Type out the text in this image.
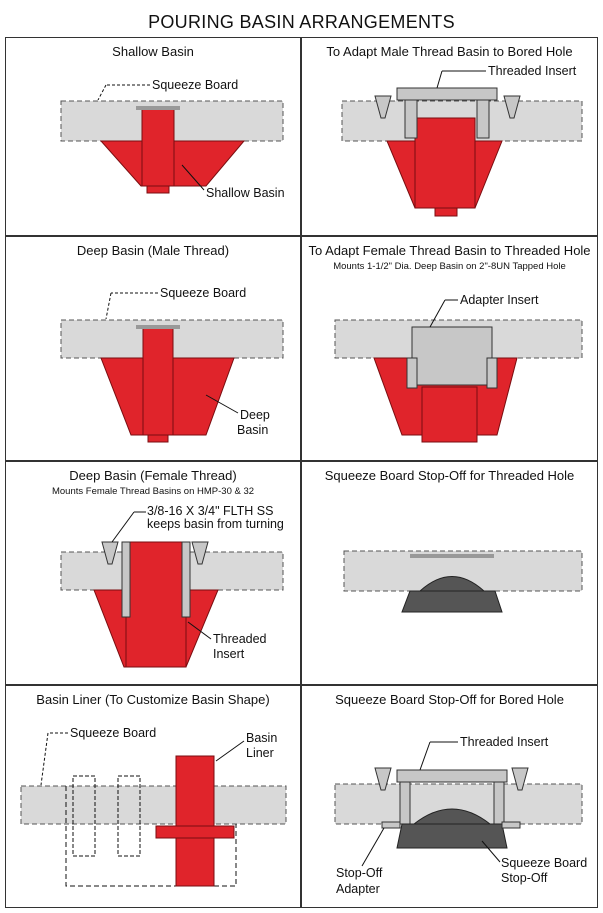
POURING BASIN ARRANGEMENTS
Shallow Basin
Squeeze Board
Shallow Basin
To Adapt Male Thread Basin to Bored Hole
Threaded Insert
Deep Basin (Male Thread)
Squeeze Board
Deep
Basin
To Adapt Female Thread Basin to Threaded Hole
Mounts 1-1/2" Dia. Deep Basin on 2"-8UN Tapped Hole
Adapter Insert
Deep Basin (Female Thread)
Mounts Female Thread Basins on HMP-30 & 32
3/8-16 X 3/4" FLTH SS
keeps basin from turning
Threaded
Insert
Squeeze Board Stop-Off for Threaded Hole
Basin Liner (To Customize Basin Shape)
Squeeze Board	Basin
Liner
Squeeze Board Stop-Off for Bored Hole
Threaded Insert
Stop-Off
Adapter
Squeeze Board
Stop-Off
